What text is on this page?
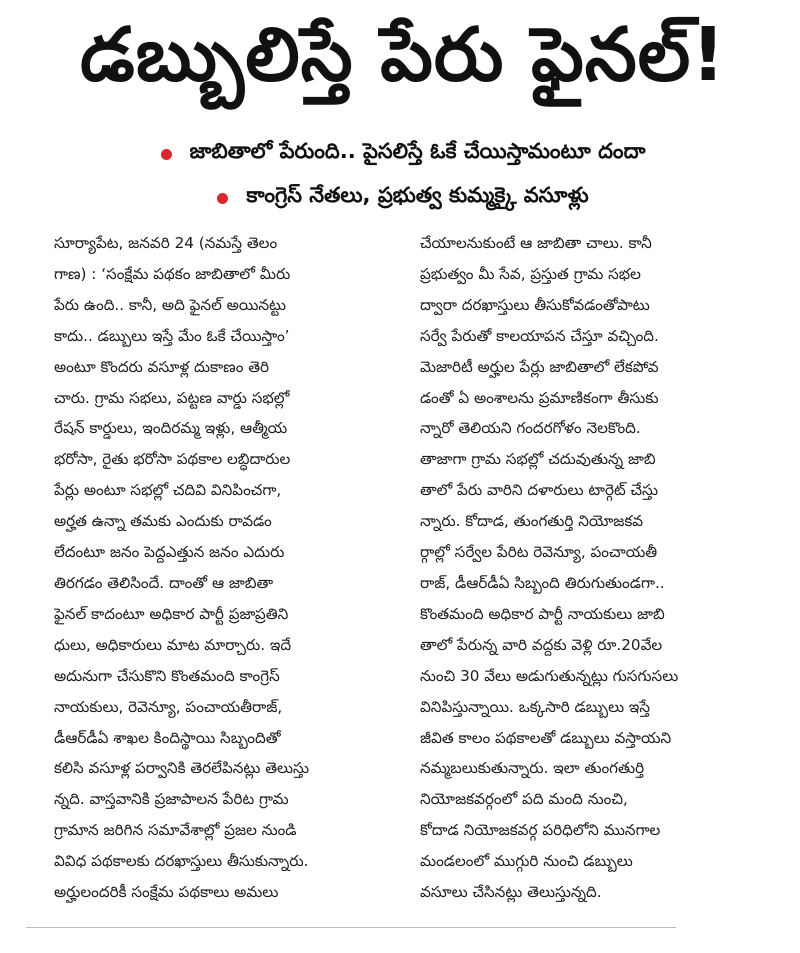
డబ్బులిస్తే పేరు ఫైనల్!
జాబితాలో పేరుంది.. పైసలిస్తే ఓకే చేయిస్తామంటూ దందా
కాంగ్రెస్ నేతలు, ప్రభుత్వ కుమ్మక్కై వసూళ్లు
సూర్యాపేట, జనవరి 24 (నమస్తే తెలం
గాణ) : ‘సంక్షేమ పథకం జాబితాలో మీరు
పేరు ఉంది.. కానీ, అది ఫైనల్ అయినట్టు
కాదు.. డబ్బులు ఇస్తే మేం ఓకే చేయిస్తాం’
అంటూ కొందరు వసూళ్ల దుకాణం తెరి
చారు. గ్రామ సభలు, పట్టణ వార్డు సభల్లో
రేషన్ కార్డులు, ఇందిరమ్మ ఇళ్లు, ఆత్మీయ
భరోసా, రైతు భరోసా పథకాల లబ్ధిదారుల
పేర్లు అంటూ సభల్లో చదివి వినిపించగా,
అర్హత ఉన్నా తమకు ఎందుకు రావడం
లేదంటూ జనం పెద్దఎత్తున జనం ఎదురు
తిరగడం తెలిసిందే. దాంతో ఆ జాబితా
ఫైనల్ కాదంటూ అధికార పార్టీ ప్రజాప్రతిని
ధులు, అధికారులు మాట మార్చారు. ఇదే
అదునుగా చేసుకొని కొంతమంది కాంగ్రెస్
నాయకులు, రెవెన్యూ, పంచాయతీరాజ్,
డీఆర్‌డీఏ శాఖల కిందిస్థాయి సిబ్బందితో
కలిసి వసూళ్ల పర్వానికి తెరలేపినట్లు తెలుస్తు
న్నది. వాస్తవానికి ప్రజాపాలన పేరిట గ్రామ
గ్రామాన జరిగిన సమావేశాల్లో ప్రజల నుండి
వివిధ పథకాలకు దరఖాస్తులు తీసుకున్నారు.
అర్హులందరికీ సంక్షేమ పథకాలు అమలు
చేయాలనుకుంటే ఆ జాబితా చాలు. కానీ
ప్రభుత్వం మీ సేవ, ప్రస్తుత గ్రామ సభల
ద్వారా దరఖాస్తులు తీసుకోవడంతోపాటు
సర్వే పేరుతో కాలయాపన చేస్తూ వచ్చింది.
మెజారిటీ అర్హుల పేర్లు జాబితాలో లేకపోవ
డంతో ఏ అంశాలను ప్రమాణికంగా తీసుకు
న్నారో తెలియని గందరగోళం నెలకొంది.
తాజాగా గ్రామ సభల్లో చదువుతున్న జాబి
తాలో పేరు వారిని దళారులు టార్గెట్ చేస్తు
న్నారు. కోదాడ, తుంగతుర్తి నియోజకవ
ర్గాల్లో సర్వేల పేరిట రెవెన్యూ, పంచాయతీ
రాజ్, డీఆర్‌డీఏ సిబ్బంది తిరుగుతుండగా..
కొంతమంది అధికార పార్టీ నాయకులు జాబి
తాలో పేరున్న వారి వద్దకు వెళ్లి రూ.20వేల
నుంచి 30 వేలు అడుగుతున్నట్లు గుసగుసలు
వినిపిస్తున్నాయి. ఒక్కసారి డబ్బులు ఇస్తే
జీవిత కాలం పథకాలతో డబ్బులు వస్తాయని
నమ్మబలుకుతున్నారు. ఇలా తుంగతుర్తి
నియోజకవర్గంలో పది మంది నుంచి,
కోదాడ నియోజకవర్గ పరిధిలోని మునగాల
మండలంలో ముగ్గురి నుంచి డబ్బులు
వసూలు చేసినట్లు తెలుస్తున్నది.
